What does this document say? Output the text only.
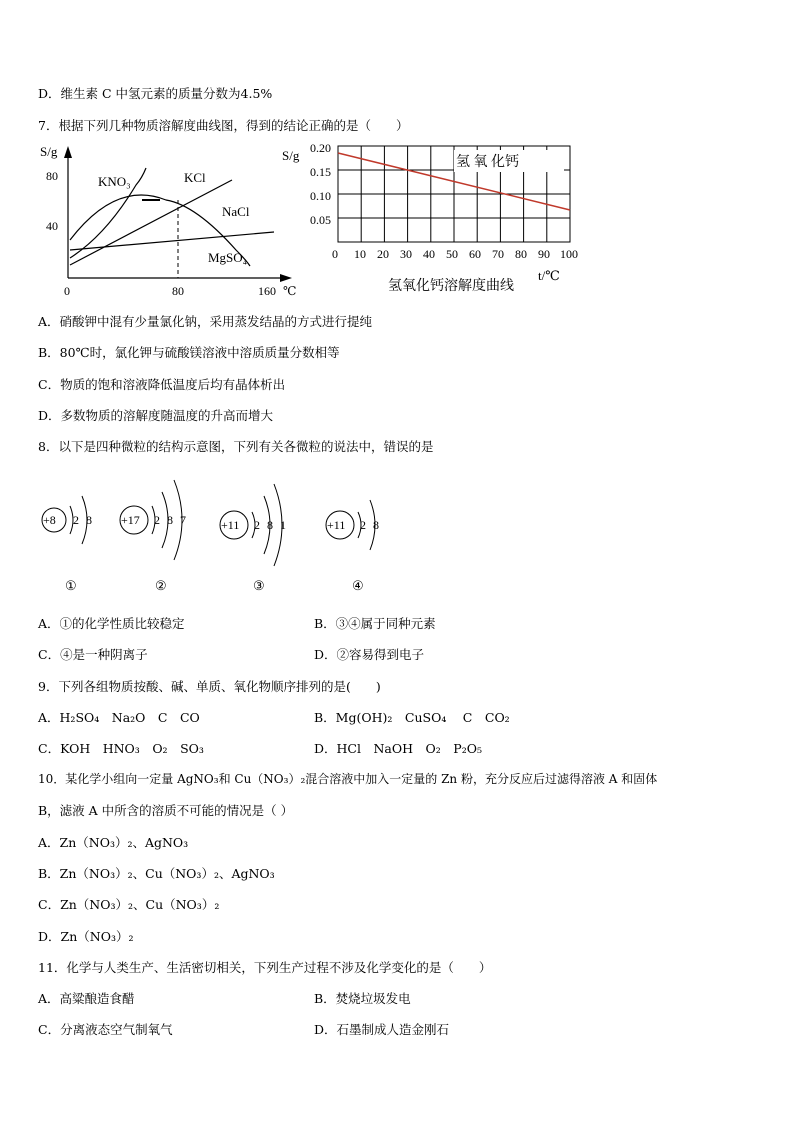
D．维生素 C 中氢元素的质量分数为4.5%
7．根据下列几种物质溶解度曲线图，得到的结论正确的是（　　）
S/g
80
40
0	80	160 ℃
KNO₃	KCl
NaCl
MgSO₄
S/g 0.20
0.15
0.10
0.05
氢 氧 化钙
0 10 20 30 40 50 60 70 80 90 100
t/℃
氢氧化钙溶解度曲线
A．硝酸钾中混有少量氯化钠，采用蒸发结晶的方式进行提纯
B．80℃时，氯化钾与硫酸镁溶液中溶质质量分数相等
C．物质的饱和溶液降低温度后均有晶体析出
D．多数物质的溶解度随温度的升高而增大
8．以下是四种微粒的结构示意图，下列有关各微粒的说法中，错误的是
+8 2 8 +17 2 8 7	+11 2 8 1	+11 2 8
①	②	③	④
A．①的化学性质比较稳定	B．③④属于同种元素
C．④是一种阴离子	D．②容易得到电子
9．下列各组物质按酸、碱、单质、氧化物顺序排列的是(　　)
A．H₂SO₄　Na₂O　C　CO	B．Mg(OH)₂　CuSO₄　 C　CO₂
C．KOH　HNO₃　O₂　SO₃	D．HCl　NaOH　O₂　P₂O₅
10．某化学小组向一定量 AgNO₃和 Cu（NO₃）₂混合溶液中加入一定量的 Zn 粉，充分反应后过滤得溶液 A 和固体
B，滤液 A 中所含的溶质不可能的情况是（ ）
A．Zn（NO₃）₂、AgNO₃
B．Zn（NO₃）₂、Cu（NO₃）₂、AgNO₃
C．Zn（NO₃）₂、Cu（NO₃）₂
D．Zn（NO₃）₂
11．化学与人类生产、生活密切相关，下列生产过程不涉及化学变化的是（　　）
A．高粱酿造食醋	B．焚烧垃圾发电
C．分离液态空气制氧气	D．石墨制成人造金刚石
